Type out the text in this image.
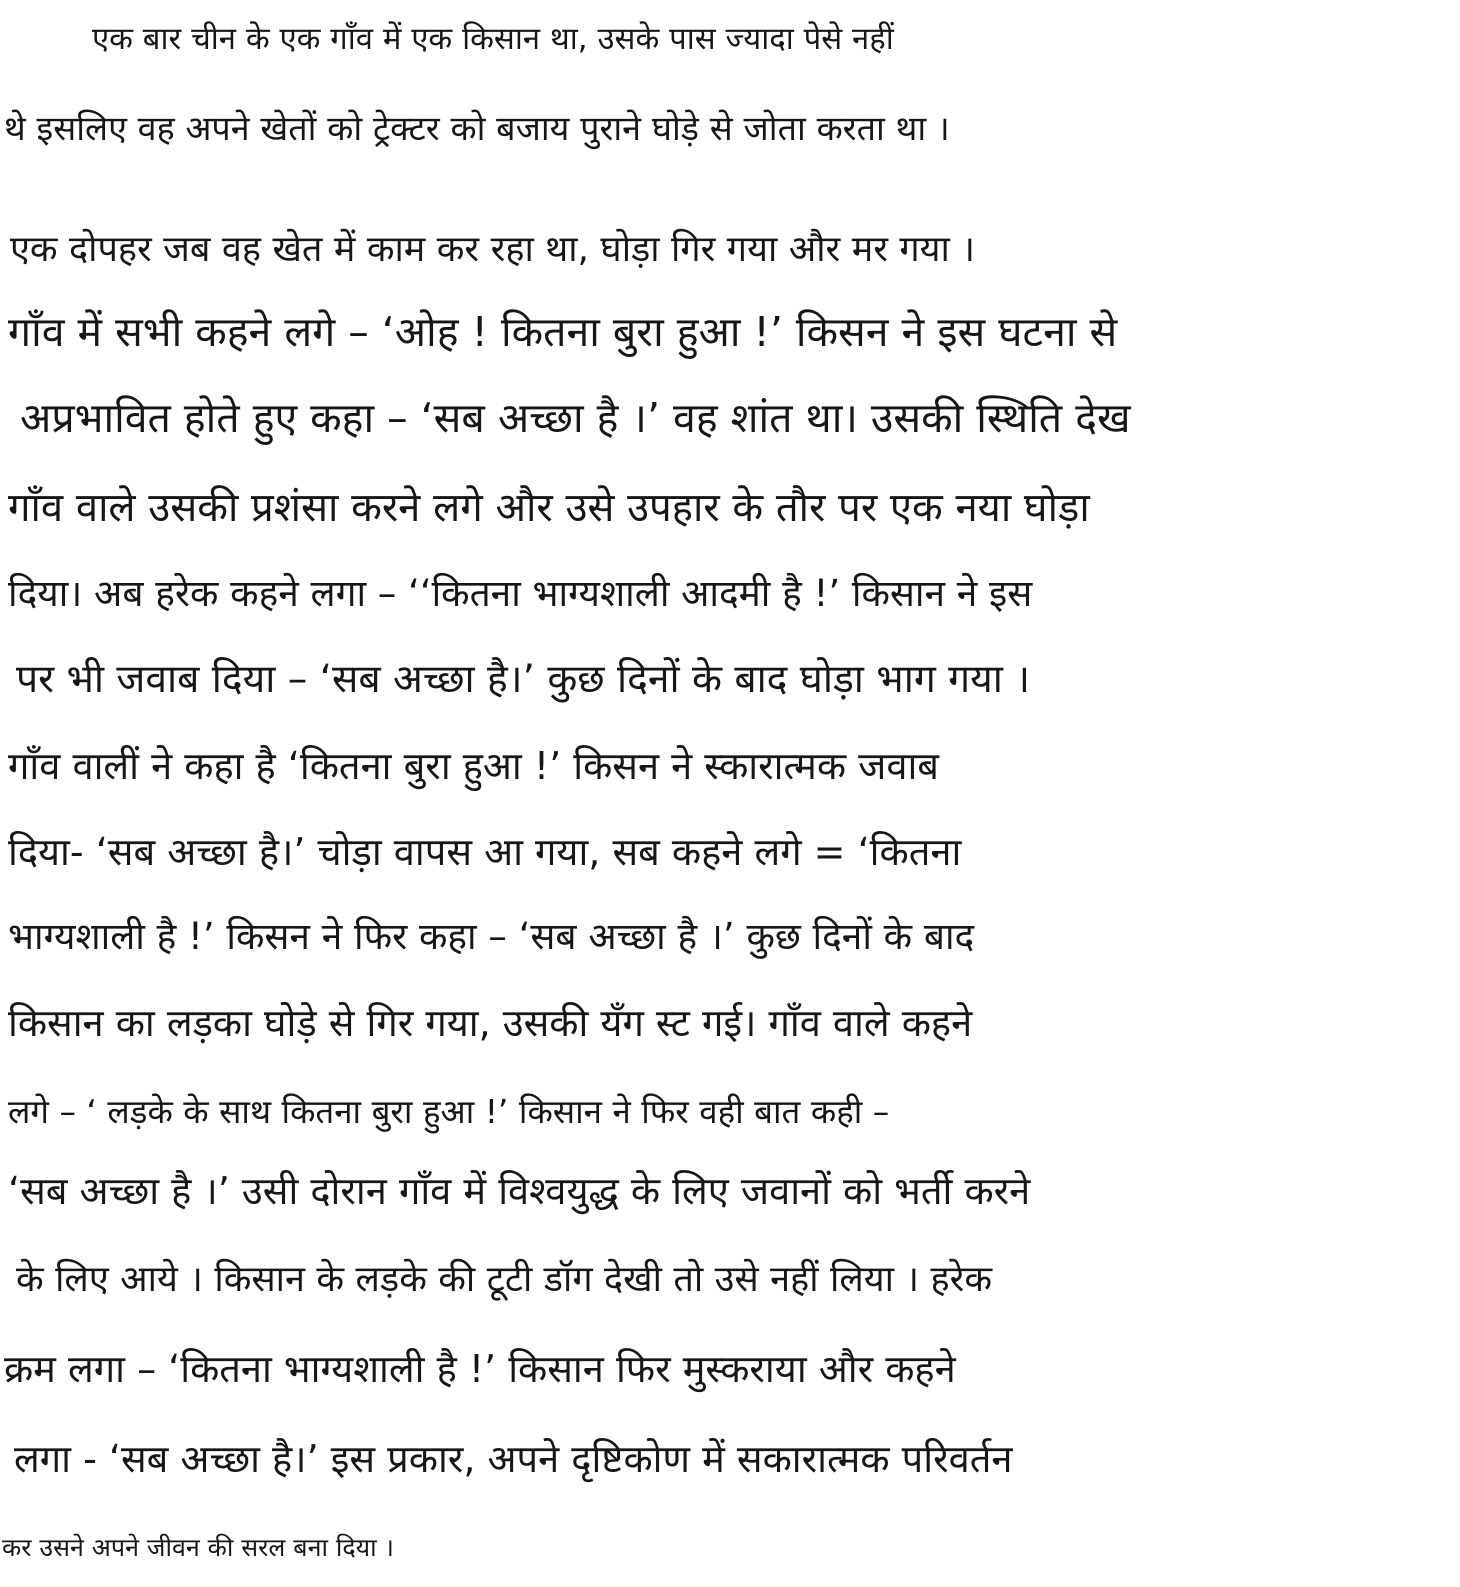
एक बार चीन के एक गाँव में एक किसान था, उसके पास ज्यादा पेसे नहीं
थे इसलिए वह अपने खेतों को ट्रेक्टर को बजाय पुराने घोड़े से जोता करता था ।
एक दोपहर जब वह खेत में काम कर रहा था, घोड़ा गिर गया और मर गया ।
गाँव में सभी कहने लगे – ‘ओह ! कितना बुरा हुआ !’ किसन ने इस घटना से
अप्रभावित होते हुए कहा – ‘सब अच्छा है ।’ वह शांत था। उसकी स्थिति देख
गाँव वाले उसकी प्रशंसा करने लगे और उसे उपहार के तौर पर एक नया घोड़ा
दिया। अब हरेक कहने लगा – ‘‘कितना भाग्यशाली आदमी है !’ किसान ने इस
पर भी जवाब दिया – ‘सब अच्छा है।’ कुछ दिनों के बाद घोड़ा भाग गया ।
गाँव वालीं ने कहा है ‘कितना बुरा हुआ !’ किसन ने स्कारात्मक जवाब
दिया- ‘सब अच्छा है।’ चोड़ा वापस आ गया, सब कहने लगे = ‘कितना
भाग्यशाली है !’ किसन ने फिर कहा – ‘सब अच्छा है ।’ कुछ दिनों के बाद
किसान का लड़का घोड़े से गिर गया, उसकी यँग स्ट गई। गाँव वाले कहने
लगे – ‘ लड़के के साथ कितना बुरा हुआ !’ किसान ने फिर वही बात कही –
‘सब अच्छा है ।’ उसी दोरान गाँव में विश्वयुद्ध के लिए जवानों को भर्ती करने
के लिए आये । किसान के लड़के की टूटी डॉग देखी तो उसे नहीं लिया । हरेक
क्रम लगा – ‘कितना भाग्यशाली है !’ किसान फिर मुस्कराया और कहने
लगा - ‘सब अच्छा है।’ इस प्रकार, अपने दृष्टिकोण में सकारात्मक परिवर्तन
कर उसने अपने जीवन की सरल बना दिया ।
